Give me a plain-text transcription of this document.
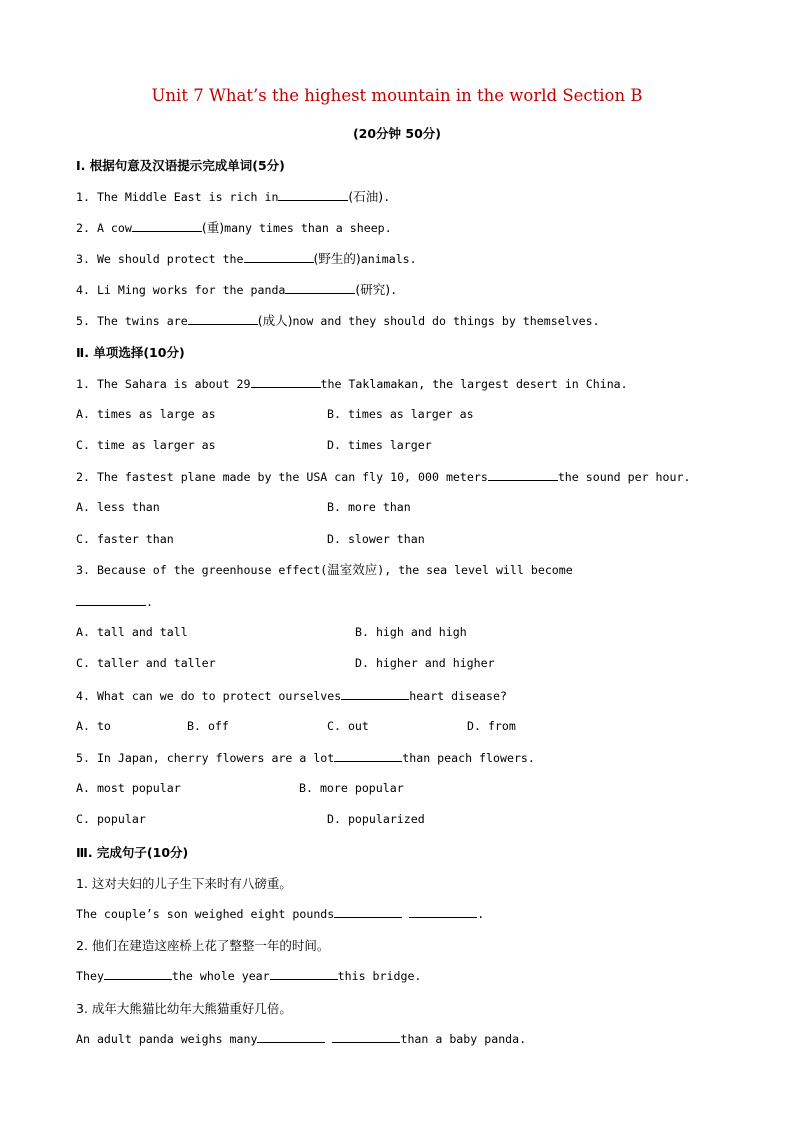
Unit 7 What’s the highest mountain in the world Section B
(20分钟 50分)
Ⅰ. 根据句意及汉语提示完成单词(5分)
1. The Middle East is rich in	(石油).
2. A cow	(重)many times than a sheep.
3. We should protect the	(野生的)animals.
4. Li Ming works for the panda	(研究).
5. The twins are	(成人)now and they should do things by themselves.
Ⅱ. 单项选择(10分)
1. The Sahara is about 29	the Taklamakan, the largest desert in China.
A. times as large as	B. times as larger as
C. time as larger as	D. times larger
2. The fastest plane made by the USA can fly 10, 000 meters	the sound per hour.
A. less than	B. more than
C. faster than	D. slower than
3. Because of the greenhouse effect(温室效应), the sea level will become
.
A. tall and tall	B. high and high
C. taller and taller	D. higher and higher
4. What can we do to protect ourselves	heart disease?
A. to	B. off	C. out	D. from
5. In Japan, cherry flowers are a lot	than peach flowers.
A. most popular	B. more popular
C. popular	D. popularized
Ⅲ. 完成句子(10分)
1. 这对夫妇的儿子生下来时有八磅重。
The couple’s son weighed eight pounds	.
2. 他们在建造这座桥上花了整整一年的时间。
They	the whole year	this bridge.
3. 成年大熊猫比幼年大熊猫重好几倍。
An adult panda weighs many	than a baby panda.
